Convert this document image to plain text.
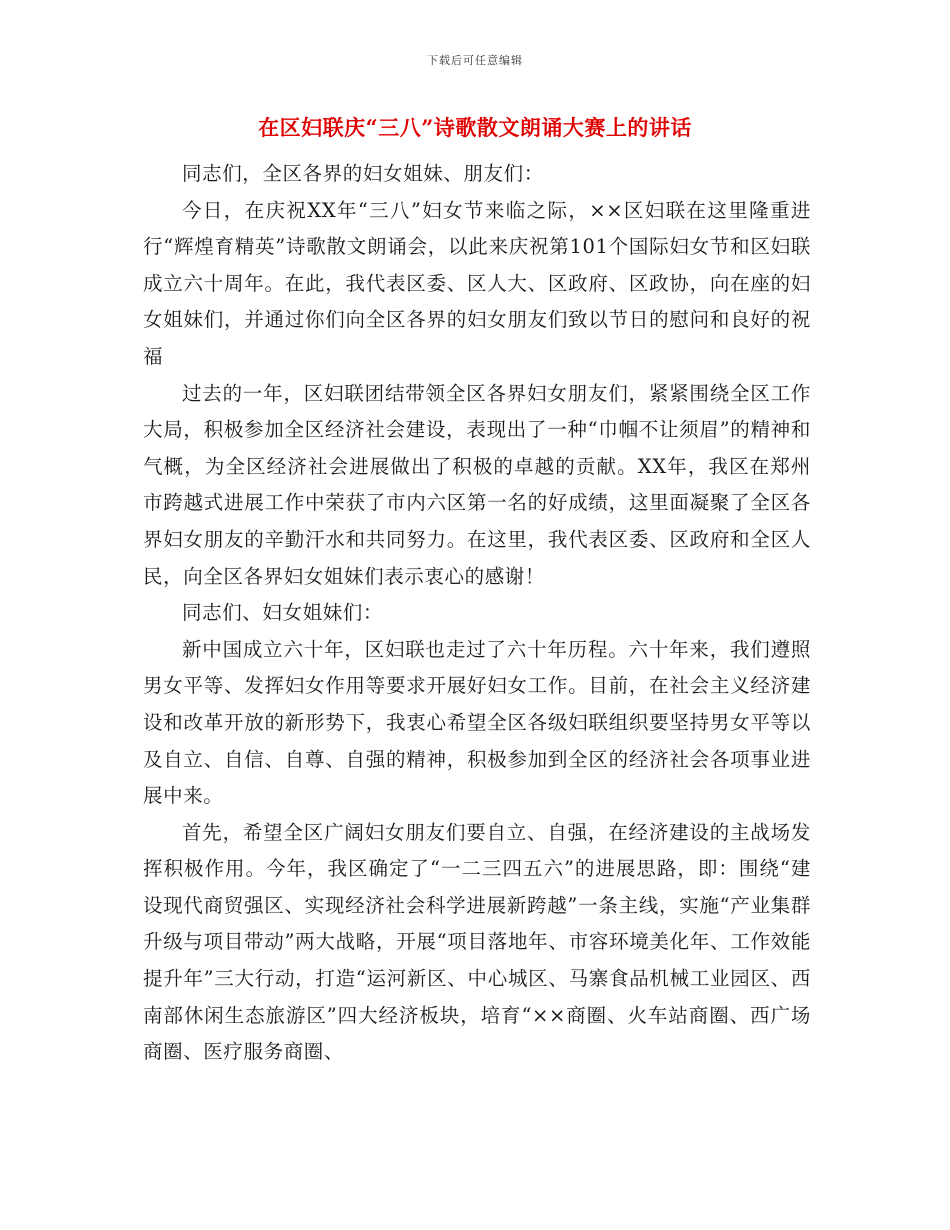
下载后可任意编辑
在区妇联庆“三八”诗歌散文朗诵大赛上的讲话

同志们，全区各界的妇女姐妹、朋友们：

今日，在庆祝XX年“三八”妇女节来临之际，××区妇联在这里隆重进行“辉煌育精英”诗歌散文朗诵会，以此来庆祝第101个国际妇女节和区妇联成立六十周年。在此，我代表区委、区人大、区政府、区政协，向在座的妇女姐妹们，并通过你们向全区各界的妇女朋友们致以节日的慰问和良好的祝福

过去的一年，区妇联团结带领全区各界妇女朋友们，紧紧围绕全区工作大局，积极参加全区经济社会建设，表现出了一种“巾帼不让须眉”的精神和气概，为全区经济社会进展做出了积极的卓越的贡献。XX年，我区在郑州市跨越式进展工作中荣获了市内六区第一名的好成绩，这里面凝聚了全区各界妇女朋友的辛勤汗水和共同努力。在这里，我代表区委、区政府和全区人民，向全区各界妇女姐妹们表示衷心的感谢！

同志们、妇女姐妹们：

新中国成立六十年，区妇联也走过了六十年历程。六十年来，我们遵照男女平等、发挥妇女作用等要求开展好妇女工作。目前，在社会主义经济建设和改革开放的新形势下，我衷心希望全区各级妇联组织要坚持男女平等以及自立、自信、自尊、自强的精神，积极参加到全区的经济社会各项事业进展中来。

首先，希望全区广阔妇女朋友们要自立、自强，在经济建设的主战场发挥积极作用。今年，我区确定了“一二三四五六”的进展思路，即：围绕“建设现代商贸强区、实现经济社会科学进展新跨越”一条主线，实施“产业集群升级与项目带动”两大战略，开展“项目落地年、市容环境美化年、工作效能提升年”三大行动，打造“运河新区、中心城区、马寨食品机械工业园区、西南部休闲生态旅游区”四大经济板块，培育“××商圈、火车站商圈、西广场商圈、医疗服务商圈、
